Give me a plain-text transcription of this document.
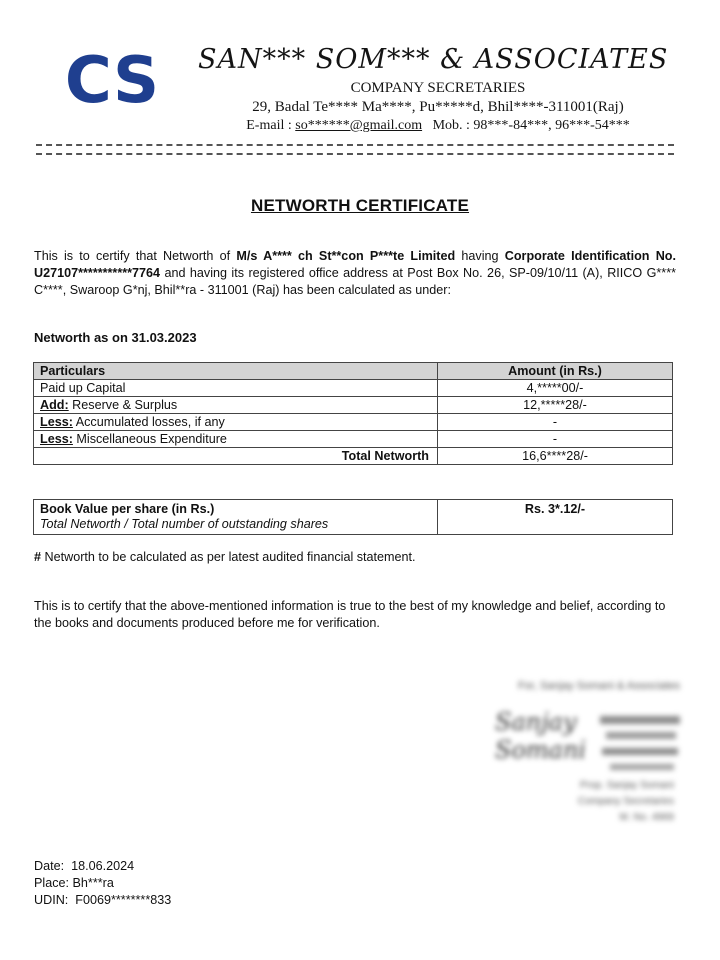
CS SAN*** SOM*** & ASSOCIATES
COMPANY SECRETARIES
29, Badal Te**** Ma****, Pu*****d, Bhil****-311001(Raj)
E-mail : so******@gmail.com Mob. : 98***-84***, 96***-54***
NETWORTH CERTIFICATE
This is to certify that Networth of M/s A**** ch St**con P***te Limited having Corporate Identification No. U27107***********7764 and having its registered office address at Post Box No. 26, SP-09/10/11 (A), RIICO G**** C****, Swaroop G*nj, Bhil**ra - 311001 (Raj) has been calculated as under:
Networth as on 31.03.2023
Particulars	Amount (in Rs.)
Paid up Capital	4,*****00/-
Add: Reserve & Surplus	12,*****28/-
Less: Accumulated losses, if any	-
Less: Miscellaneous Expenditure	-
Total Networth	16,6****28/-
Book Value per share (in Rs.)
Total Networth / Total number of outstanding shares
	Rs. 3*.12/-
# Networth to be calculated as per latest audited financial statement.
This is to certify that the above-mentioned information is true to the best of my knowledge and belief, according to the books and documents produced before me for verification.
For, Sanjay Somani & Associates
Sanjay
Somani
Prop. Sanjay Somani
Company Secretaries
M. No. 4969
Date: 18.06.2024
Place: Bh***ra
UDIN: F0069********833
